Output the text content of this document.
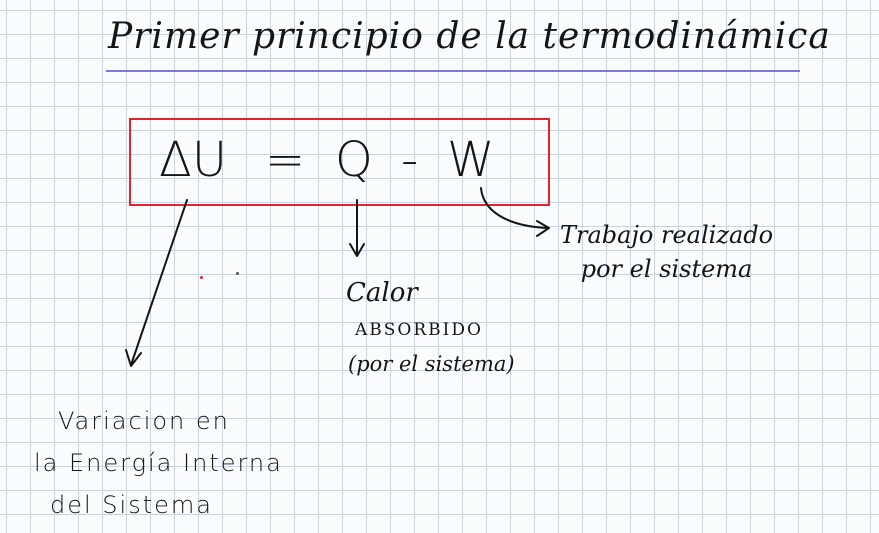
Primer principio de la termodinámica
ΔU = Q - W
Trabajo realizado
por el sistema
Calor
ABSORBIDO
(por el sistema)
Variacion en
la Energía Interna
del Sistema
